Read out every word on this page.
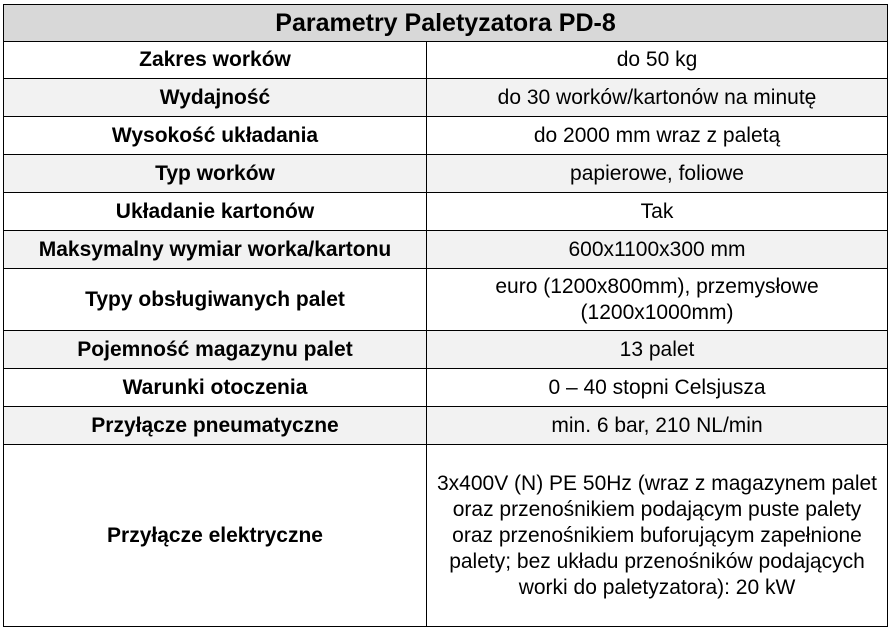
Parametry Paletyzatora PD-8	
Zakres worków	do 50 kg
Wydajność	do 30 worków/kartonów na minutę
Wysokość układania	do 2000 mm wraz z paletą
Typ worków	papierowe, foliowe
Układanie kartonów	Tak
Maksymalny wymiar worka/kartonu	600x1100x300 mm
Typy obsługiwanych palet	euro (1200x800mm), przemysłowe (1200x1000mm)
Pojemność magazynu palet	13 palet
Warunki otoczenia	0 – 40 stopni Celsjusza
Przyłącze pneumatyczne	min. 6 bar, 210 NL/min
Przyłącze elektryczne	3x400V (N) PE 50Hz (wraz z magazynem palet oraz przenośnikiem podającym puste palety oraz przenośnikiem buforującym zapełnione palety; bez układu przenośników podających worki do paletyzatora): 20 kW
